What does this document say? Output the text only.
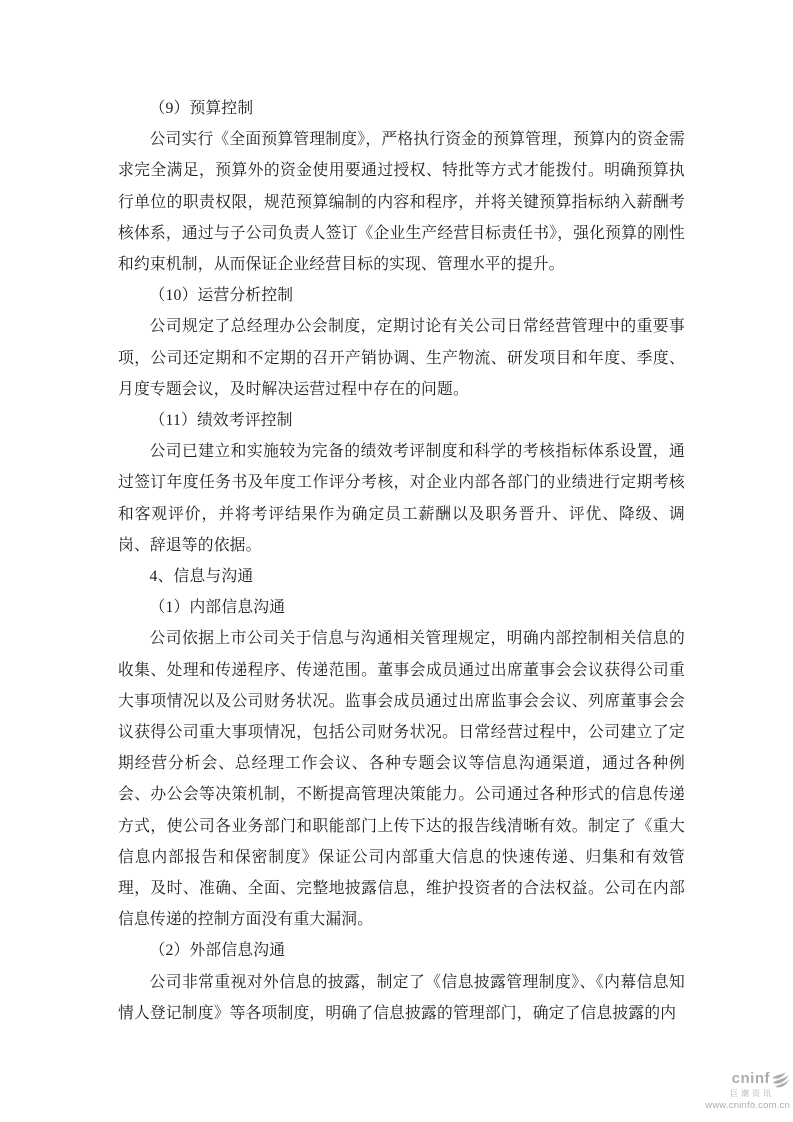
（9）预算控制

公司实行《全面预算管理制度》，严格执行资金的预算管理，预算内的资金需求完全满足，预算外的资金使用要通过授权、特批等方式才能拨付。明确预算执行单位的职责权限，规范预算编制的内容和程序，并将关键预算指标纳入薪酬考核体系，通过与子公司负责人签订《企业生产经营目标责任书》，强化预算的刚性和约束机制，从而保证企业经营目标的实现、管理水平的提升。

（10）运营分析控制

公司规定了总经理办公会制度，定期讨论有关公司日常经营管理中的重要事项，公司还定期和不定期的召开产销协调、生产物流、研发项目和年度、季度、月度专题会议，及时解决运营过程中存在的问题。

（11）绩效考评控制

公司已建立和实施较为完备的绩效考评制度和科学的考核指标体系设置，通过签订年度任务书及年度工作评分考核，对企业内部各部门的业绩进行定期考核和客观评价，并将考评结果作为确定员工薪酬以及职务晋升、评优、降级、调岗、辞退等的依据。

4、信息与沟通

（1）内部信息沟通

公司依据上市公司关于信息与沟通相关管理规定，明确内部控制相关信息的收集、处理和传递程序、传递范围。董事会成员通过出席董事会会议获得公司重大事项情况以及公司财务状况。监事会成员通过出席监事会会议、列席董事会会议获得公司重大事项情况，包括公司财务状况。日常经营过程中，公司建立了定期经营分析会、总经理工作会议、各种专题会议等信息沟通渠道，通过各种例会、办公会等决策机制，不断提高管理决策能力。公司通过各种形式的信息传递方式，使公司各业务部门和职能部门上传下达的报告线清晰有效。制定了《重大信息内部报告和保密制度》保证公司内部重大信息的快速传递、归集和有效管理，及时、准确、全面、完整地披露信息，维护投资者的合法权益。公司在内部信息传递的控制方面没有重大漏洞。

（2）外部信息沟通

公司非常重视对外信息的披露，制定了《信息披露管理制度》、《内幕信息知情人登记制度》等各项制度，明确了信息披露的管理部门，确定了信息披露的内

cninf
巨潮资讯
www.cninfo.com.cn
